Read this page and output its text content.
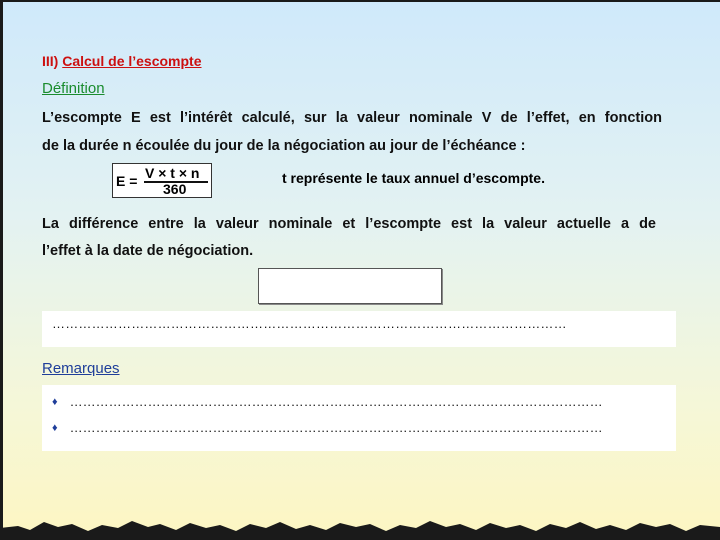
III) Calcul de l’escompte
Définition
L’escompte E est l’intérêt calculé, sur la valeur nominale V de l’effet, en fonction
de la durée n écoulée du jour de la négociation au jour de l’échéance :
E = V × t × n
360
t représente le taux annuel d’escompte.
La différence entre la valeur nominale et l’escompte est la valeur actuelle a de
l’effet à la date de négociation.
………………………………………………………………………………………………………
Remarques
♦ ……………………………………………………………………………………………………………
♦ ……………………………………………………………………………………………………………
